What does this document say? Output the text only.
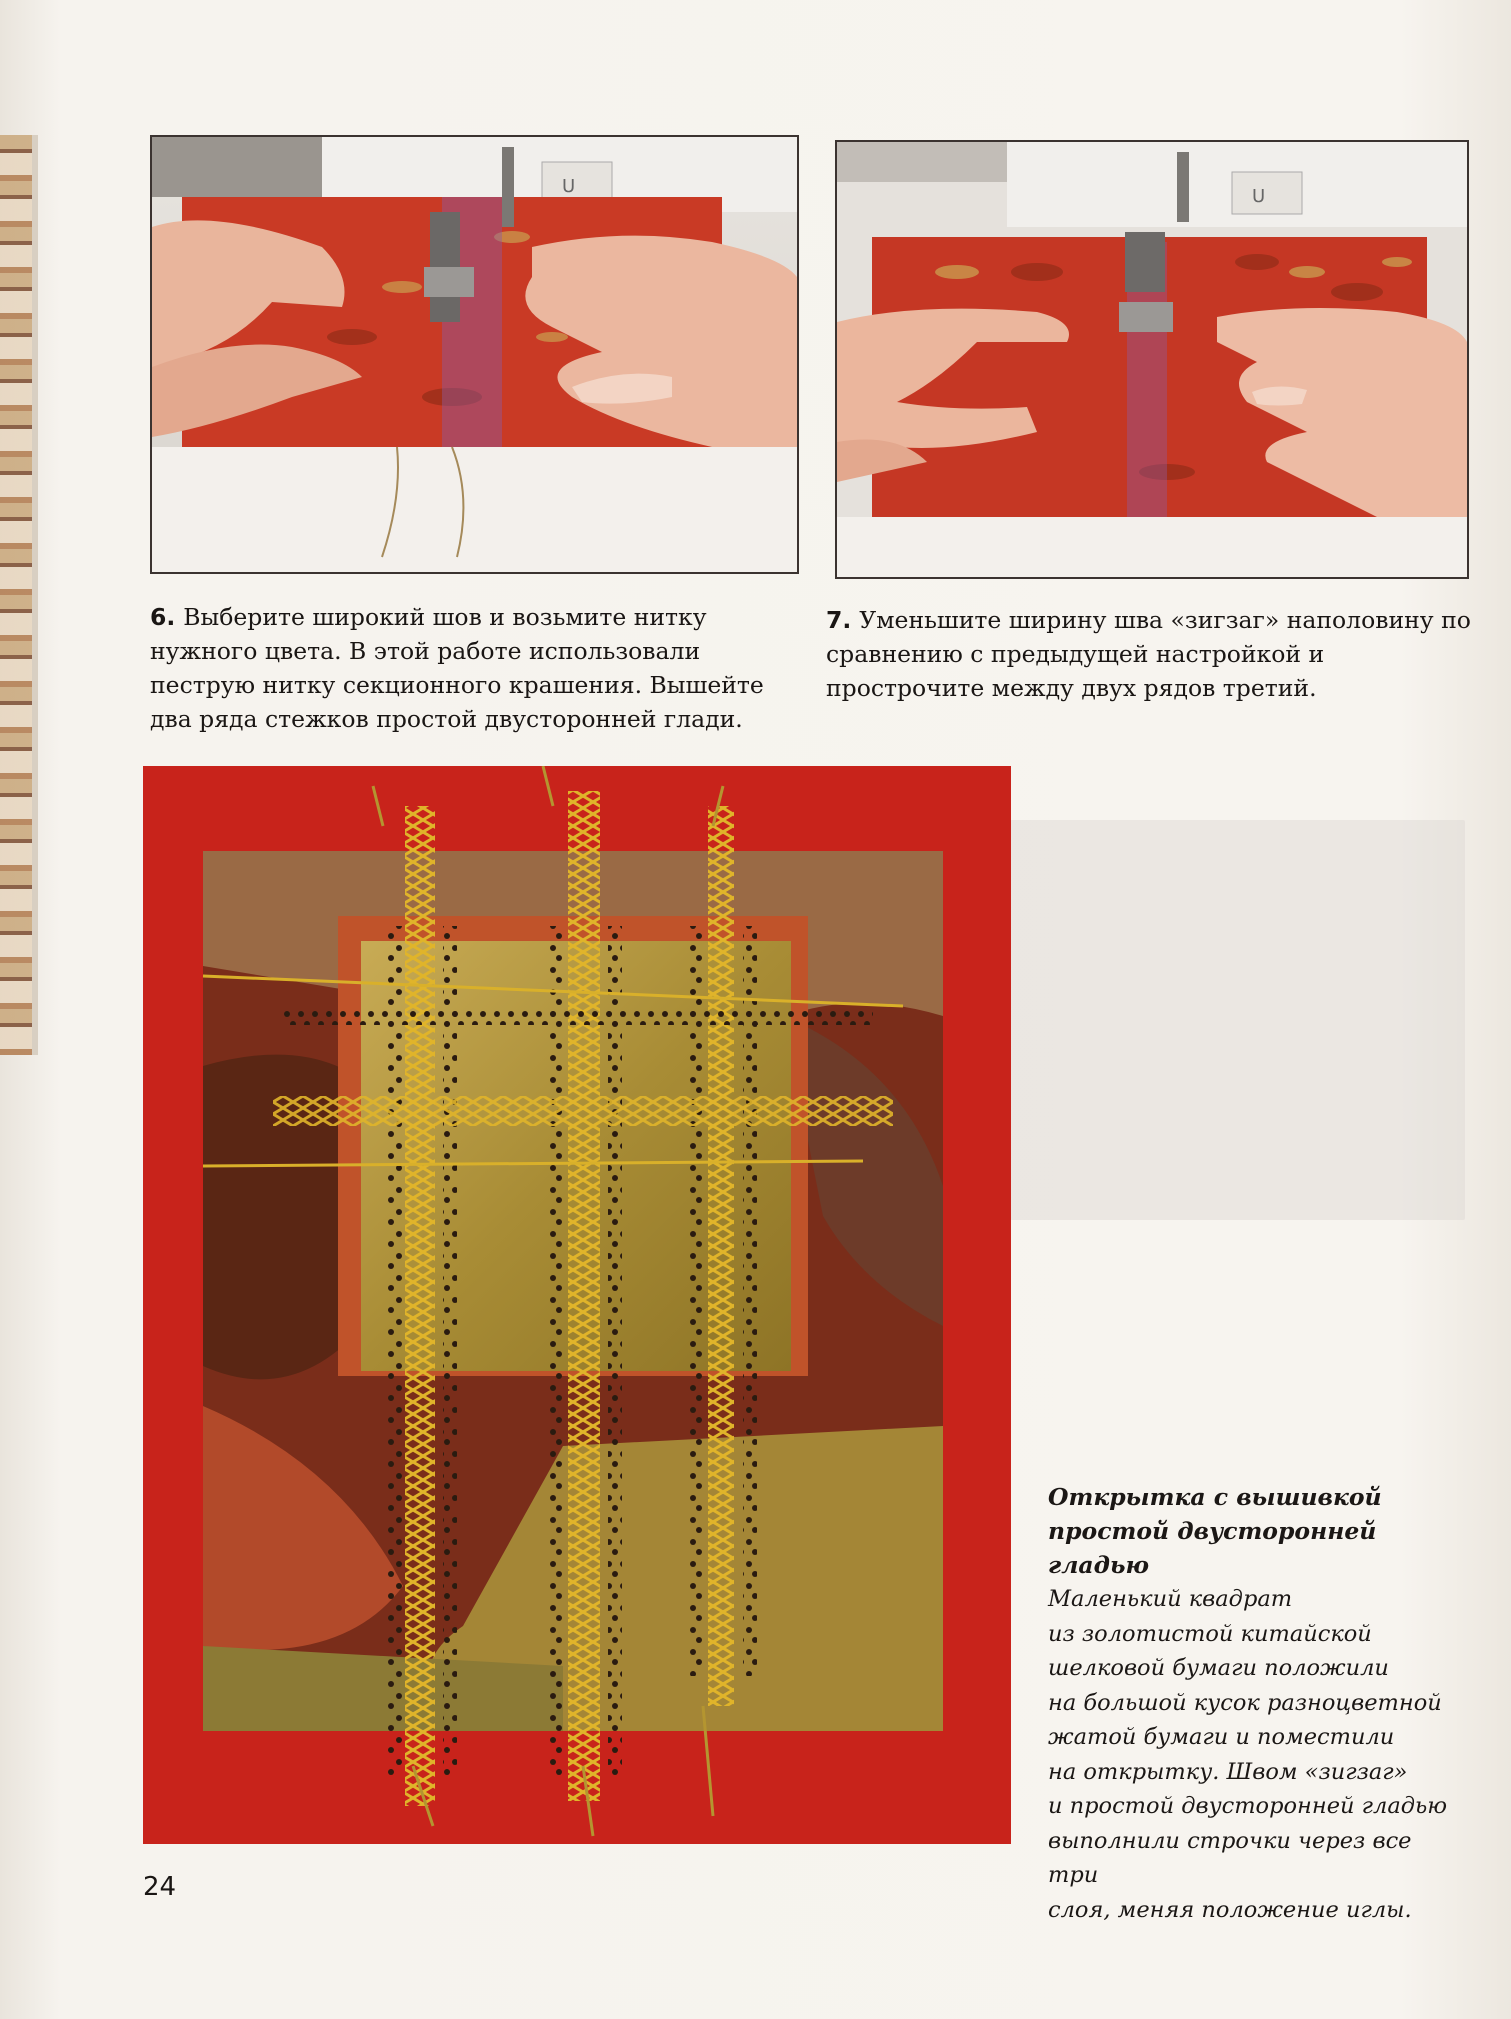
U	U

6. Выберите широкий шов и возьмите нитку нужного цвета. В этой работе использовали пеструю нитку секционного крашения. Вышейте два ряда стежков простой двусторонней глади.

7. Уменьшите ширину шва «зигзаг» наполовину по сравнению с предыдущей настройкой и прострочите между двух рядов третий.

Открытка с вышивкой простой двусторонней гладью

Маленький квадрат
из золотистой китайской
шелковой бумаги положили
на большой кусок разноцветной
жатой бумаги и поместили
на открытку. Швом «зигзаг»
и простой двусторонней гладью
выполнили строчки через все три
слоя, меняя положение иглы.

24
